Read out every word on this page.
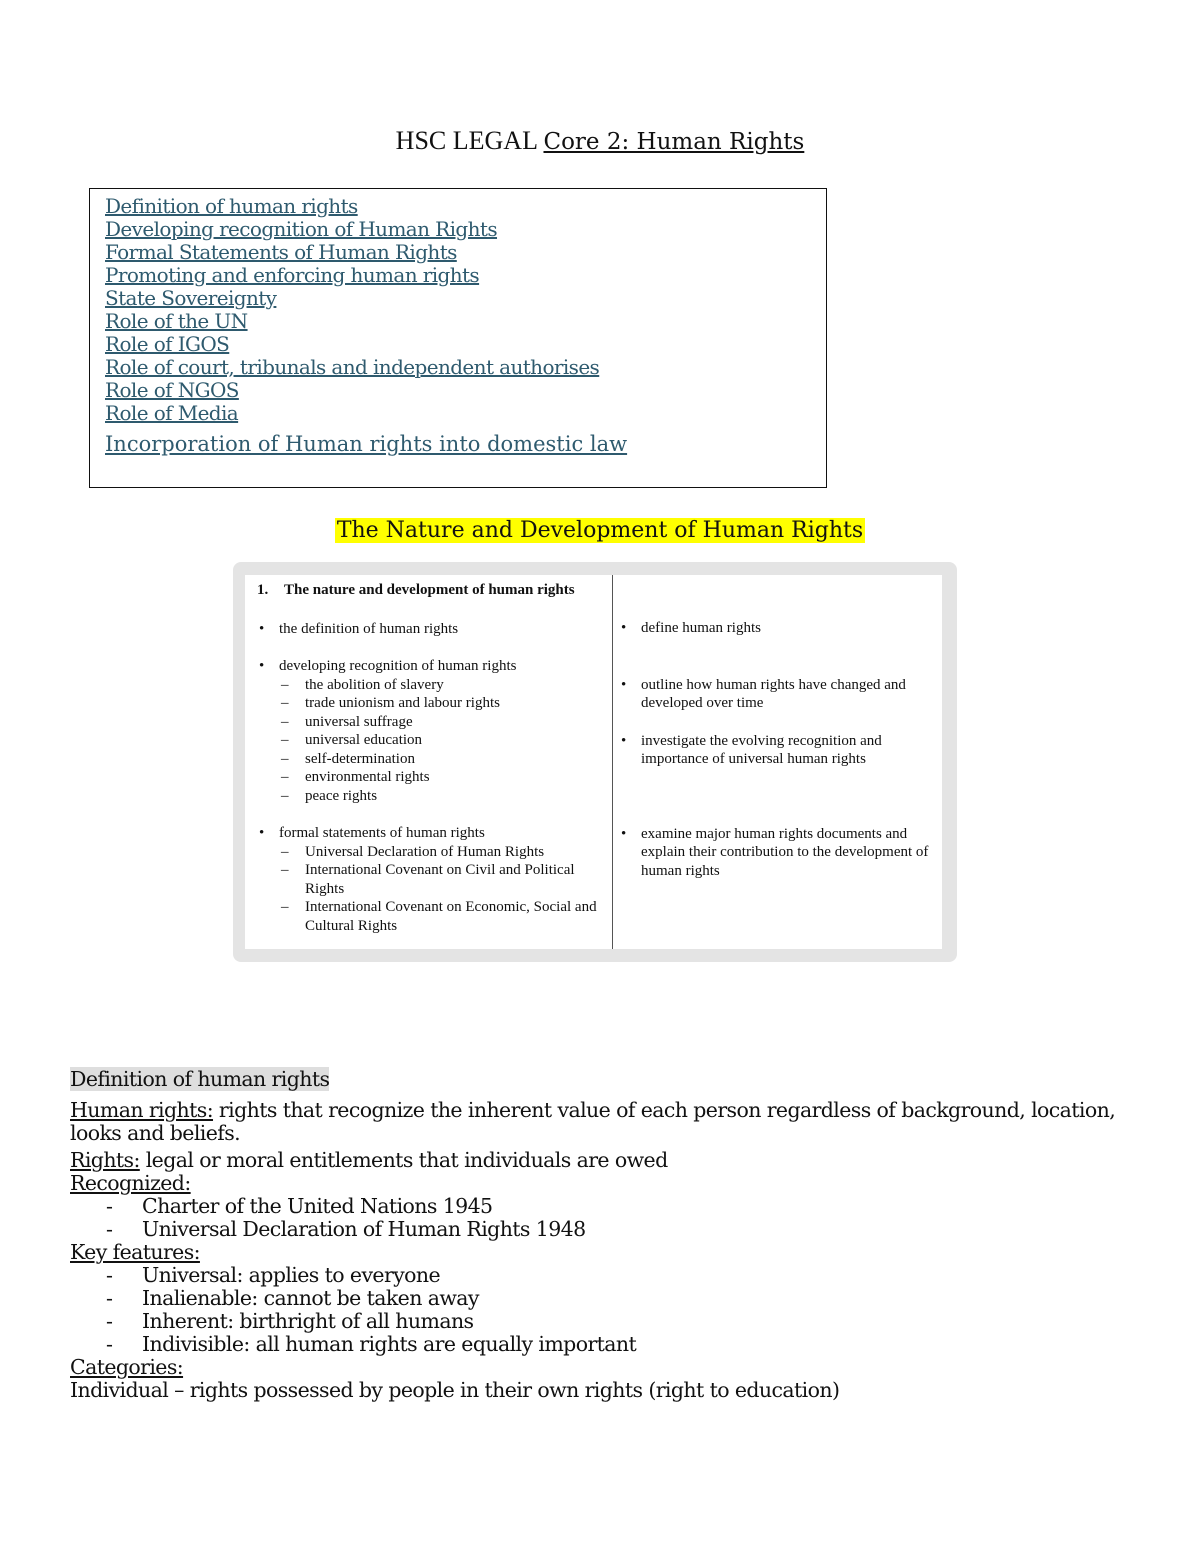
HSC LEGAL Core 2: Human Rights
Definition of human rights
Developing recognition of Human Rights
Formal Statements of Human Rights
Promoting and enforcing human rights
State Sovereignty
Role of the UN
Role of IGOS
Role of court, tribunals and independent authorises
Role of NGOS
Role of Media
Incorporation of Human rights into domestic law
The Nature and Development of Human Rights
1. The nature and development of human rights
• the definition of human rights
• developing recognition of human rights
– the abolition of slavery
– trade unionism and labour rights
– universal suffrage
– universal education
– self-determination
– environmental rights
– peace rights
• formal statements of human rights
– Universal Declaration of Human Rights
– International Covenant on Civil and Political Rights
– International Covenant on Economic, Social and Cultural Rights
• define human rights
• outline how human rights have changed and developed over time
• investigate the evolving recognition and importance of universal human rights
• examine major human rights documents and explain their contribution to the development of human rights
Definition of human rights
Human rights: rights that recognize the inherent value of each person regardless of background, location, looks and beliefs.
Rights: legal or moral entitlements that individuals are owed
Recognized:
- Charter of the United Nations 1945
- Universal Declaration of Human Rights 1948
Key features:
- Universal: applies to everyone
- Inalienable: cannot be taken away
- Inherent: birthright of all humans
- Indivisible: all human rights are equally important
Categories:
Individual – rights possessed by people in their own rights (right to education)
